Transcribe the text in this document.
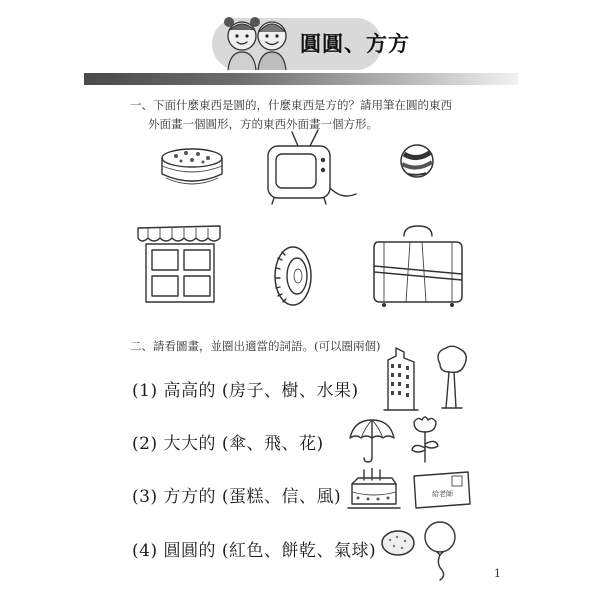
圓圓、方方
一、下面什麼東西是圓的，什麼東西是方的？請用筆在圓的東西
外面畫一個圓形，方的東西外面畫一個方形。
二、請看圖畫，並圈出適當的詞語。(可以圈兩個)
(1) 高高的 (房子、樹、水果)
(2) 大大的 (傘、飛、花)
(3) 方方的 (蛋糕、信、風)
(4) 圓圓的 (紅色、餅乾、氣球)
給老師
1
